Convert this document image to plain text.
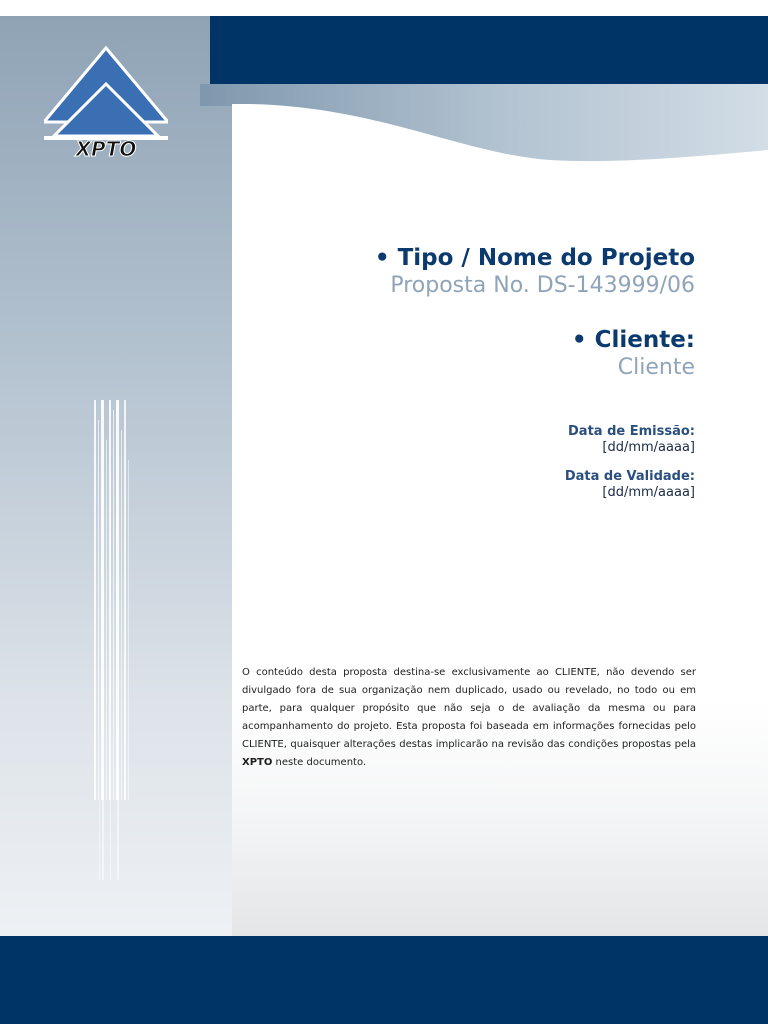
XPTO
• Tipo / Nome do Projeto
Proposta No. DS-143999/06
• Cliente:
Cliente
Data de Emissão:
[dd/mm/aaaa]
Data de Validade:
[dd/mm/aaaa]
O conteúdo desta proposta destina-se exclusivamente ao CLIENTE, não devendo ser divulgado fora de sua organização nem duplicado, usado ou revelado, no todo ou em parte, para qualquer propósito que não seja o de avaliação da mesma ou para acompanhamento do projeto. Esta proposta foi baseada em informações fornecidas pelo CLIENTE, quaisquer alterações destas implicarão na revisão das condições propostas pela XPTO neste documento.
